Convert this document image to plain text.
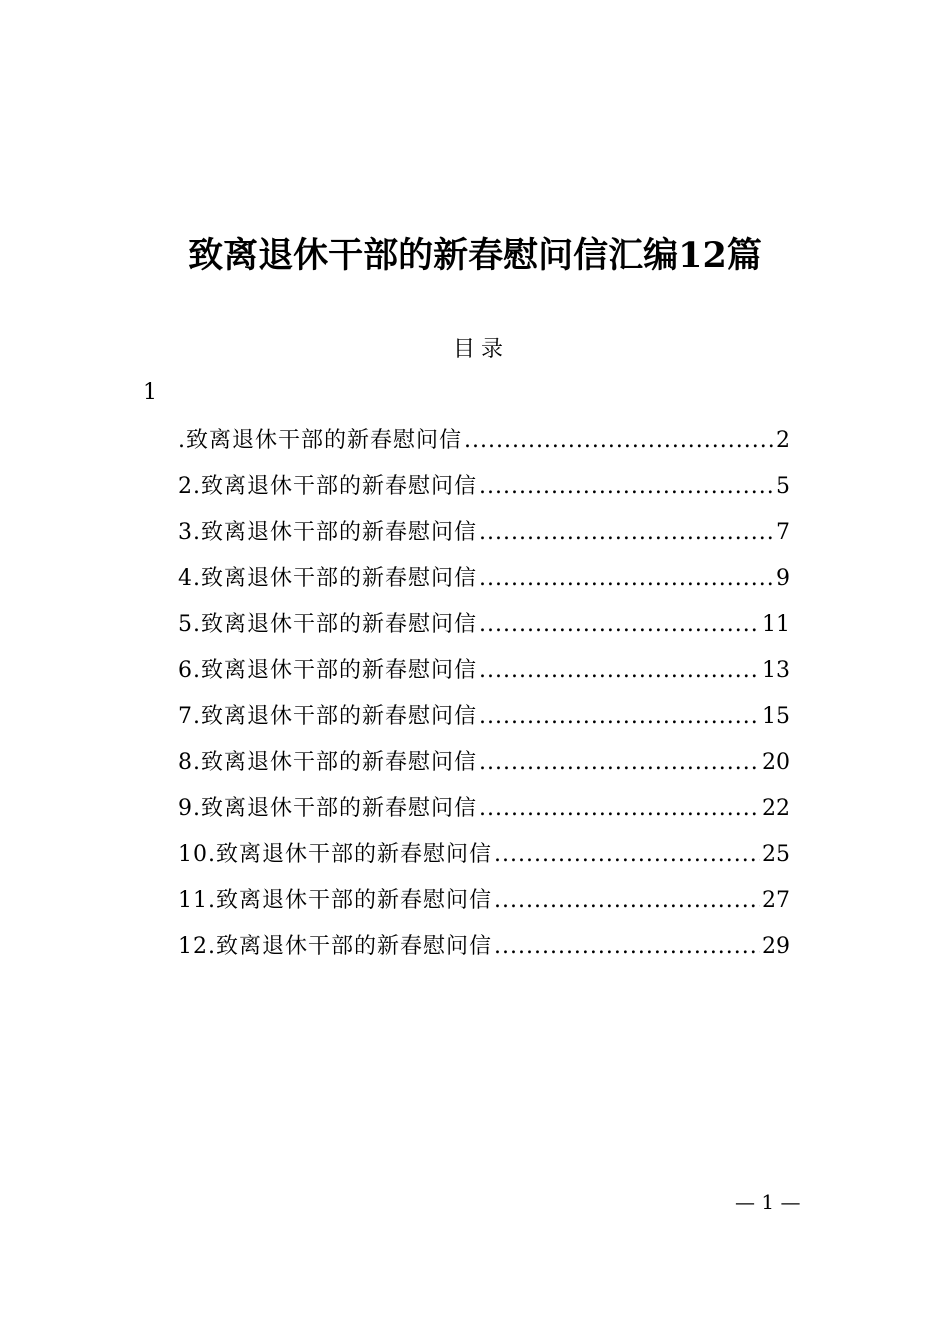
致离退休干部的新春慰问信汇编12篇
目录
1
.致离退休干部的新春慰问信 .....	2
2.致离退休干部的新春慰问信 .....	5
3.致离退休干部的新春慰问信 .....	7
4.致离退休干部的新春慰问信 .....	9
5.致离退休干部的新春慰问信 .....	11
6.致离退休干部的新春慰问信 .....	13
7.致离退休干部的新春慰问信 .....	15
8.致离退休干部的新春慰问信 .....	20
9.致离退休干部的新春慰问信 .....	22
10.致离退休干部的新春慰问信 .....	25
11.致离退休干部的新春慰问信 .....	27
12.致离退休干部的新春慰问信 .....	29
— 1 —
